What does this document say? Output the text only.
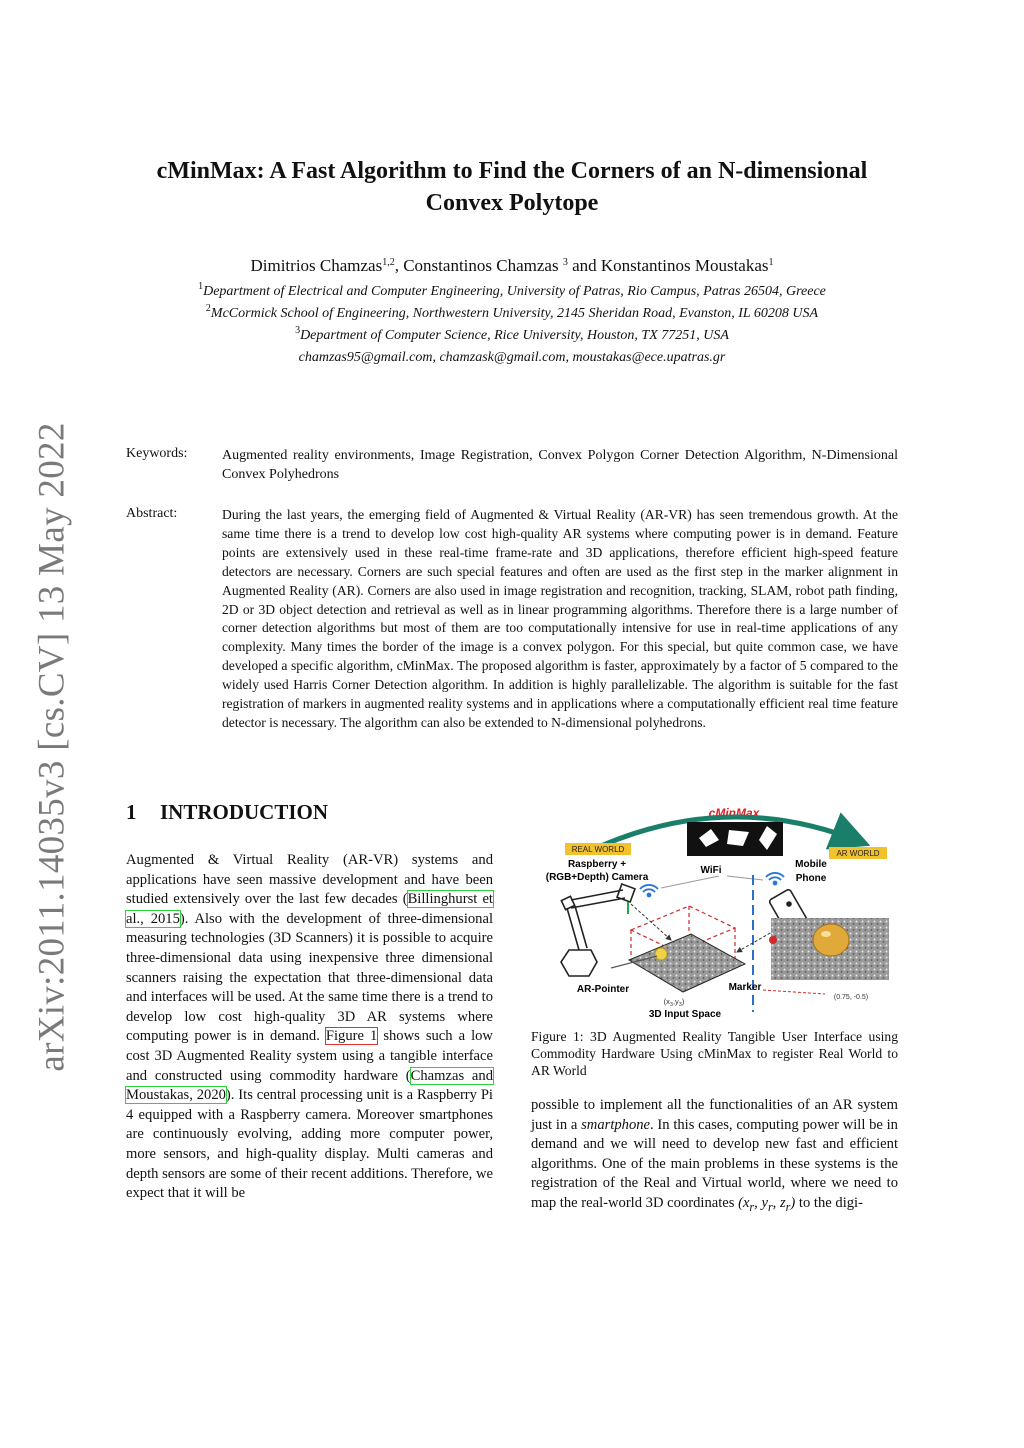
arXiv:2011.14035v3 [cs.CV] 13 May 2022
cMinMax: A Fast Algorithm to Find the Corners of an N-dimensional
Convex Polytope
Dimitrios Chamzas$^{1,2}$, Constantinos Chamzas $^3$ and Konstantinos Moustakas$^1$
$^1$Department of Electrical and Computer Engineering, University of Patras, Rio Campus, Patras 26504, Greece
$^2$McCormick School of Engineering, Northwestern University, 2145 Sheridan Road, Evanston, IL 60208 USA
$^3$Department of Computer Science, Rice University, Houston, TX 77251, USA
chamzas95@gmail.com, chamzask@gmail.com, moustakas@ece.upatras.gr
Keywords: Augmented reality environments, Image Registration, Convex Polygon Corner Detection Algorithm, N-Dimensional Convex Polyhedrons
Abstract:	During the last years, the emerging field of Augmented & Virtual Reality (AR-VR) has seen tremendous growth. At the same time there is a trend to develop low cost high-quality AR systems where computing power is in demand. Feature points are extensively used in these real-time frame-rate and 3D applications, therefore efficient high-speed feature detectors are necessary. Corners are such special features and often are used as the first step in the marker alignment in Augmented Reality (AR). Corners are also used in image registration and recognition, tracking, SLAM, robot path finding, 2D or 3D object detection and retrieval as well as in linear programming algorithms. Therefore there is a large number of corner detection algorithms but most of them are too computationally intensive for use in real-time applications of any complexity. Many times the border of the image is a convex polygon. For this special, but quite common case, we have developed a specific algorithm, cMinMax. The proposed algorithm is faster, approximately by a factor of 5 compared to the widely used Harris Corner Detection algorithm. In addition is highly parallelizable. The algorithm is suitable for the fast registration of markers in augmented reality systems and in applications where a computationally efficient real time feature detector is necessary. The algorithm can also be extended to N-dimensional polyhedrons.
1 INTRODUCTION
Augmented & Virtual Reality (AR-VR) systems and applications have seen massive development and have been studied extensively over the last few decades (Billinghurst et al., 2015). Also with the development of three-dimensional measuring technologies (3D Scanners) it is possible to acquire three-dimensional data using inexpensive three dimensional scanners raising the expectation that three-dimensional data and interfaces will be used. At the same time there is a trend to develop low cost high-quality 3D AR systems where computing power is in demand. Figure 1 shows such a low cost 3D Augmented Reality system using a tangible interface and constructed using commodity hardware (Chamzas and Moustakas, 2020). Its central processing unit is a Raspberry Pi 4 equipped with a Raspberry camera. Moreover smartphones are continuously evolving, adding more computer power, more sensors, and high-quality display. Multi cameras and depth sensors are some of their recent additions. Therefore, we expect that it will be
cMinMax
REAL WORLD	AR WORLD
Raspberry +
(RGB+Depth) Camera
WiFi
Mobile
Phone
AR-Pointer	Marker
$(x_3,y_3)$
3D Input Space
(0.75, -0.5)
Figure 1: 3D Augmented Reality Tangible User Interface using Commodity Hardware Using cMinMax to register Real World to AR World
possible to implement all the functionalities of an AR system just in a smartphone. In this cases, computing power will be in demand and we will need to develop new fast and efficient algorithms. One of the main problems in these systems is the registration of the Real and Virtual world, where we need to map the real-world 3D coordinates ($x_r$, $y_r$, $z_r$) to the digi-
